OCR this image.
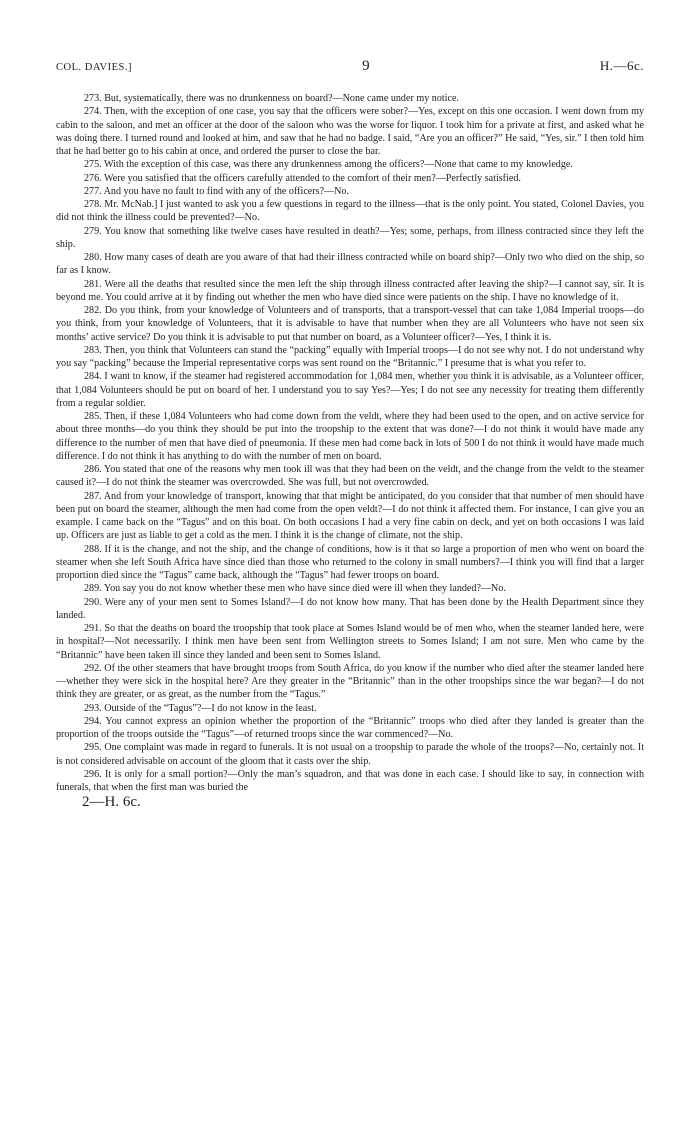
COL. DAVIES.]	9	H.—6c.

273. But, systematically, there was no drunkenness on board?—None came under my notice.

274. Then, with the exception of one case, you say that the officers were sober?—Yes, except on this one occasion. I went down from my cabin to the saloon, and met an officer at the door of the saloon who was the worse for liquor. I took him for a private at first, and asked what he was doing there. I turned round and looked at him, and saw that he had no badge. I said, “Are you an officer?” He said, “Yes, sir.” I then told him that he had better go to his cabin at once, and ordered the purser to close the bar.

275. With the exception of this case, was there any drunkenness among the officers?—None that came to my knowledge.

276. Were you satisfied that the officers carefully attended to the comfort of their men?—Perfectly satisfied.

277. And you have no fault to find with any of the officers?—No.

278. Mr. McNab.] I just wanted to ask you a few questions in regard to the illness—that is the only point. You stated, Colonel Davies, you did not think the illness could be prevented?—No.

279. You know that something like twelve cases have resulted in death?—Yes; some, perhaps, from illness contracted since they left the ship.

280. How many cases of death are you aware of that had their illness contracted while on board ship?—Only two who died on the ship, so far as I know.

281. Were all the deaths that resulted since the men left the ship through illness contracted after leaving the ship?—I cannot say, sir. It is beyond me. You could arrive at it by finding out whether the men who have died since were patients on the ship. I have no knowledge of it.

282. Do you think, from your knowledge of Volunteers and of transports, that a transport-vessel that can take 1,084 Imperial troops—do you think, from your knowledge of Volunteers, that it is advisable to have that number when they are all Volunteers who have not seen six months’ active service? Do you think it is advisable to put that number on board, as a Volunteer officer?—Yes, I think it is.

283. Then, you think that Volunteers can stand the “packing” equally with Imperial troops—I do not see why not. I do not understand why you say “packing” because the Imperial representative corps was sent round on the “Britannic.” I presume that is what you refer to.

284. I want to know, if the steamer had registered accommodation for 1,084 men, whether you think it is advisable, as a Volunteer officer, that 1,084 Volunteers should be put on board of her. I understand you to say Yes?—Yes; I do not see any necessity for treating them differently from a regular soldier.

285. Then, if these 1,084 Volunteers who had come down from the veldt, where they had been used to the open, and on active service for about three months—do you think they should be put into the troopship to the extent that was done?—I do not think it would have made any difference to the number of men that have died of pneumonia. If these men had come back in lots of 500 I do not think it would have made much difference. I do not think it has anything to do with the number of men on board.

286. You stated that one of the reasons why men took ill was that they had been on the veldt, and the change from the veldt to the steamer caused it?—I do not think the steamer was overcrowded. She was full, but not overcrowded.

287. And from your knowledge of transport, knowing that that might be anticipated, do you consider that that number of men should have been put on board the steamer, although the men had come from the open veldt?—I do not think it affected them. For instance, I can give you an example. I came back on the “Tagus” and on this boat. On both occasions I had a very fine cabin on deck, and yet on both occasions I was laid up. Officers are just as liable to get a cold as the men. I think it is the change of climate, not the ship.

288. If it is the change, and not the ship, and the change of conditions, how is it that so large a proportion of men who went on board the steamer when she left South Africa have since died than those who returned to the colony in small numbers?—I think you will find that a larger proportion died since the “Tagus” came back, although the “Tagus” had fewer troops on board.

289. You say you do not know whether these men who have since died were ill when they landed?—No.

290. Were any of your men sent to Somes Island?—I do not know how many. That has been done by the Health Department since they landed.

291. So that the deaths on board the troopship that took place at Somes Island would be of men who, when the steamer landed here, were in hospital?—Not necessarily. I think men have been sent from Wellington streets to Somes Island; I am not sure. Men who came by the “Britannic” have been taken ill since they landed and been sent to Somes Island.

292. Of the other steamers that have brought troops from South Africa, do you know if the number who died after the steamer landed here—whether they were sick in the hospital here? Are they greater in the “Britannic” than in the other troopships since the war began?—I do not think they are greater, or as great, as the number from the “Tagus.”

293. Outside of the “Tagus”?—I do not know in the least.

294. You cannot express an opinion whether the proportion of the “Britannic” troops who died after they landed is greater than the proportion of the troops outside the “Tagus”—of returned troops since the war commenced?—No.

295. One complaint was made in regard to funerals. It is not usual on a troopship to parade the whole of the troops?—No, certainly not. It is not considered advisable on account of the gloom that it casts over the ship.

296. It is only for a small portion?—Only the man’s squadron, and that was done in each case. I should like to say, in connection with funerals, that when the first man was buried the

2—H. 6c.
